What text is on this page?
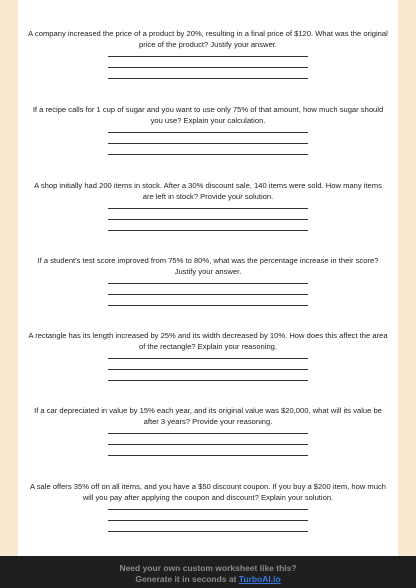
A company increased the price of a product by 20%, resulting in a final price of $120. What was the original price of the product? Justify your answer.
If a recipe calls for 1 cup of sugar and you want to use only 75% of that amount, how much sugar should you use? Explain your calculation.
A shop initially had 200 items in stock. After a 30% discount sale, 140 items were sold. How many items are left in stock? Provide your solution.
If a student's test score improved from 75% to 80%, what was the percentage increase in their score? Justify your answer.
A rectangle has its length increased by 25% and its width decreased by 10%. How does this affect the area of the rectangle? Explain your reasoning.
If a car depreciated in value by 15% each year, and its original value was $20,000, what will its value be after 3 years? Provide your reasoning.
A sale offers 35% off on all items, and you have a $50 discount coupon. If you buy a $200 item, how much will you pay after applying the coupon and discount? Explain your solution.
Need your own custom worksheet like this?
Generate it in seconds at TurboAI.io
